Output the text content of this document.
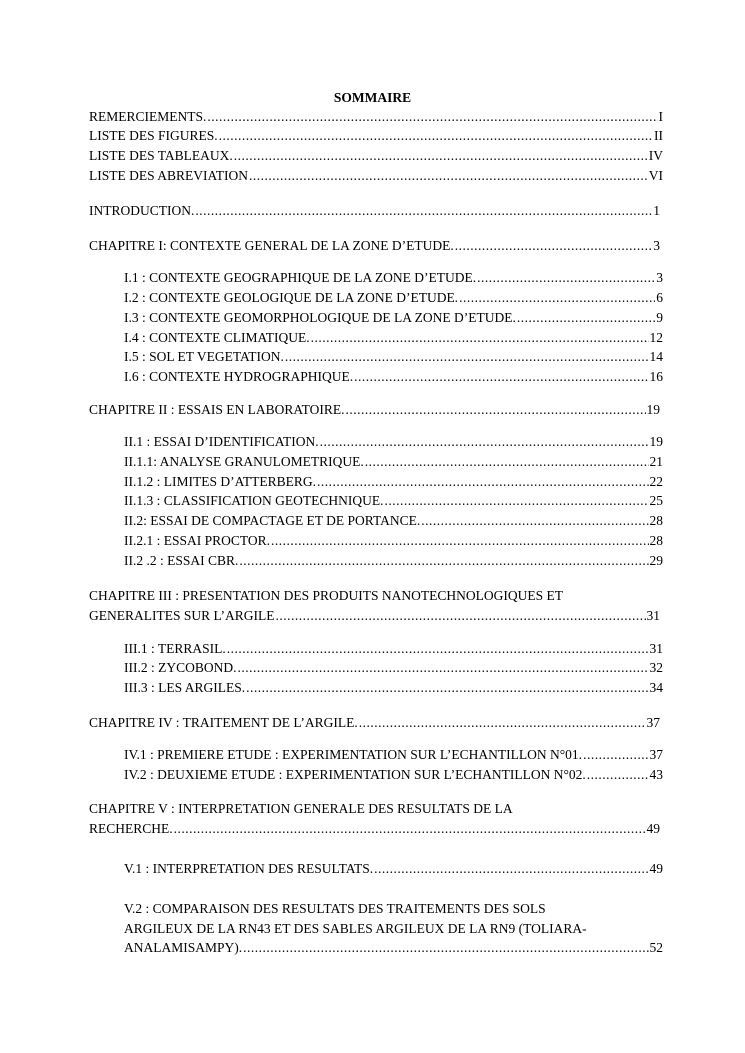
SOMMAIRE
REMERCIEMENTS. .....	I
LISTE DES FIGURES. .....	II
LISTE DES TABLEAUX. .....	IV
LISTE DES ABREVIATION .....	VI
INTRODUCTION. .....	1
CHAPITRE I: CONTEXTE GENERAL DE LA ZONE D’ETUDE. .....	3
I.1 : CONTEXTE GEOGRAPHIQUE DE LA ZONE D’ETUDE. .....	3
I.2 : CONTEXTE GEOLOGIQUE DE LA ZONE D’ETUDE. .....	6
I.3 : CONTEXTE GEOMORPHOLOGIQUE DE LA ZONE D’ETUDE. .....	9
I.4 : CONTEXTE CLIMATIQUE. .....	12
I.5 : SOL ET VEGETATION. .....	14
I.6 : CONTEXTE HYDROGRAPHIQUE. .....	16
CHAPITRE II : ESSAIS EN LABORATOIRE. .....	19
II.1 : ESSAI D’IDENTIFICATION. .....	19
II.1.1: ANALYSE GRANULOMETRIQUE. .....	21
II.1.2 : LIMITES D’ATTERBERG. .....	22
II.1.3 : CLASSIFICATION GEOTECHNIQUE. .....	25
II.2: ESSAI DE COMPACTAGE ET DE PORTANCE. .....	28
II.2.1 : ESSAI PROCTOR. .....	28
II.2 .2 : ESSAI CBR. .....	29
CHAPITRE III : PRESENTATION DES PRODUITS NANOTECHNOLOGIQUES ET
GENERALITES SUR L’ARGILE .....	31
III.1 : TERRASIL. .....	31
III.2 : ZYCOBOND. .....	32
III.3 : LES ARGILES. .....	34
CHAPITRE IV : TRAITEMENT DE L’ARGILE. .....	37
IV.1 : PREMIERE ETUDE : EXPERIMENTATION SUR L’ECHANTILLON N°01. .....	37
IV.2 : DEUXIEME ETUDE : EXPERIMENTATION SUR L’ECHANTILLON N°02. .....	43
CHAPITRE V : INTERPRETATION GENERALE DES RESULTATS DE LA
RECHERCHE. .....	49
V.1 : INTERPRETATION DES RESULTATS. .....	49
V.2 : COMPARAISON DES RESULTATS DES TRAITEMENTS DES SOLS
ARGILEUX DE LA RN43 ET DES SABLES ARGILEUX DE LA RN9 (TOLIARA-
ANALAMISAMPY). .....	52
